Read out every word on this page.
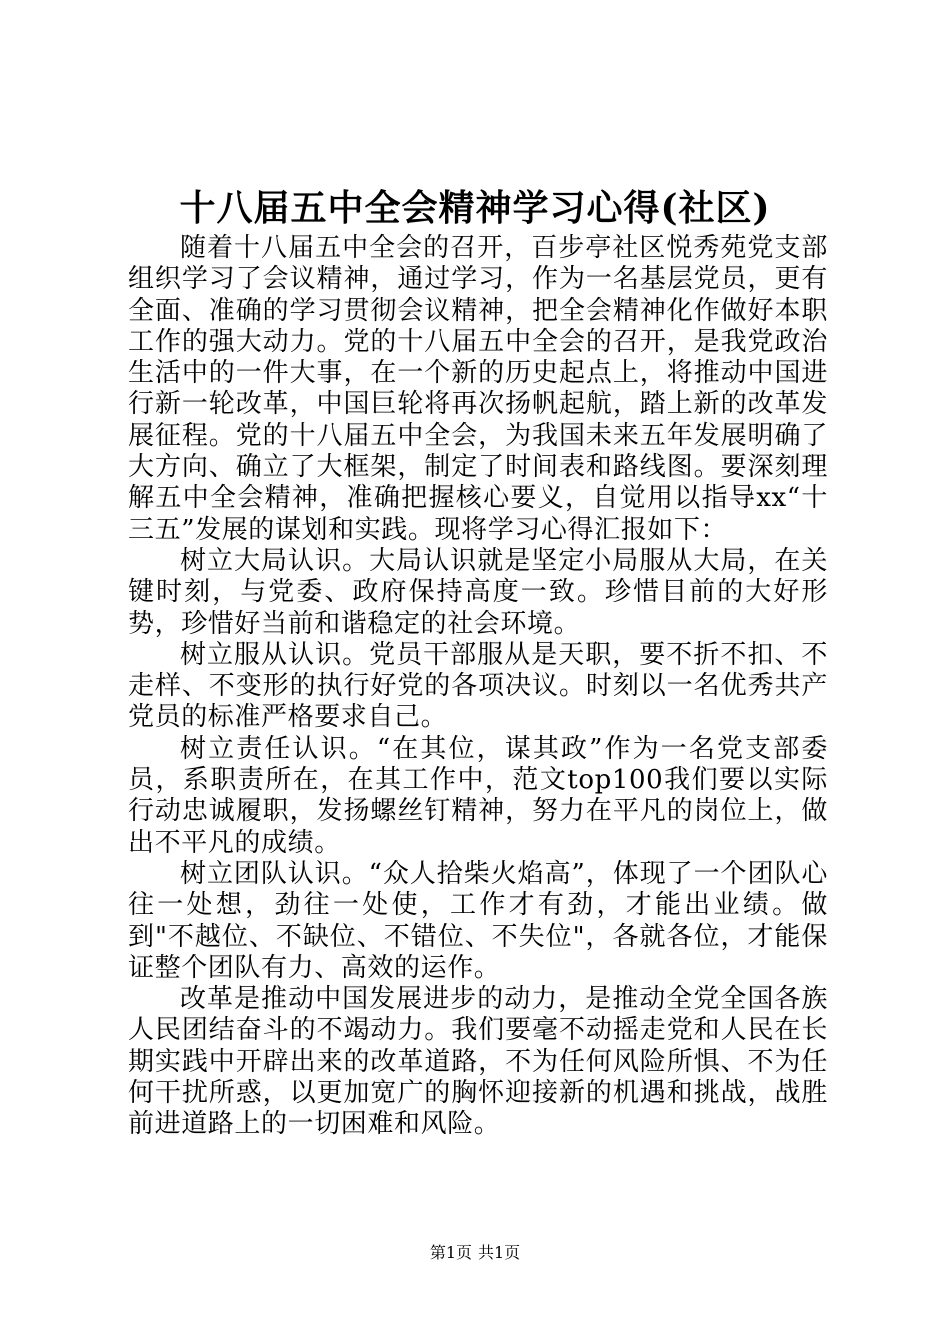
十八届五中全会精神学习心得(社区)

随着十八届五中全会的召开，百步亭社区悦秀苑党支部组织学习了会议精神，通过学习，作为一名基层党员，更有全面、准确的学习贯彻会议精神，把全会精神化作做好本职工作的强大动力。党的十八届五中全会的召开，是我党政治生活中的一件大事，在一个新的历史起点上，将推动中国进行新一轮改革，中国巨轮将再次扬帆起航，踏上新的改革发展征程。党的十八届五中全会，为我国未来五年发展明确了大方向、确立了大框架，制定了时间表和路线图。要深刻理解五中全会精神，准确把握核心要义，自觉用以指导xx“十三五”发展的谋划和实践。现将学习心得汇报如下：

树立大局认识。大局认识就是坚定小局服从大局，在关键时刻，与党委、政府保持高度一致。珍惜目前的大好形势，珍惜好当前和谐稳定的社会环境。

树立服从认识。党员干部服从是天职，要不折不扣、不走样、不变形的执行好党的各项决议。时刻以一名优秀共产党员的标准严格要求自己。

树立责任认识。“在其位，谋其政”作为一名党支部委员，系职责所在，在其工作中，范文top100我们要以实际行动忠诚履职，发扬螺丝钉精神，努力在平凡的岗位上，做出不平凡的成绩。

树立团队认识。“众人拾柴火焰高”，体现了一个团队心往一处想，劲往一处使，工作才有劲，才能出业绩。做到"不越位、不缺位、不错位、不失位"，各就各位，才能保证整个团队有力、高效的运作。

改革是推动中国发展进步的动力，是推动全党全国各族人民团结奋斗的不竭动力。我们要毫不动摇走党和人民在长期实践中开辟出来的改革道路，不为任何风险所惧、不为任何干扰所惑，以更加宽广的胸怀迎接新的机遇和挑战，战胜前进道路上的一切困难和风险。

第1页 共1页
